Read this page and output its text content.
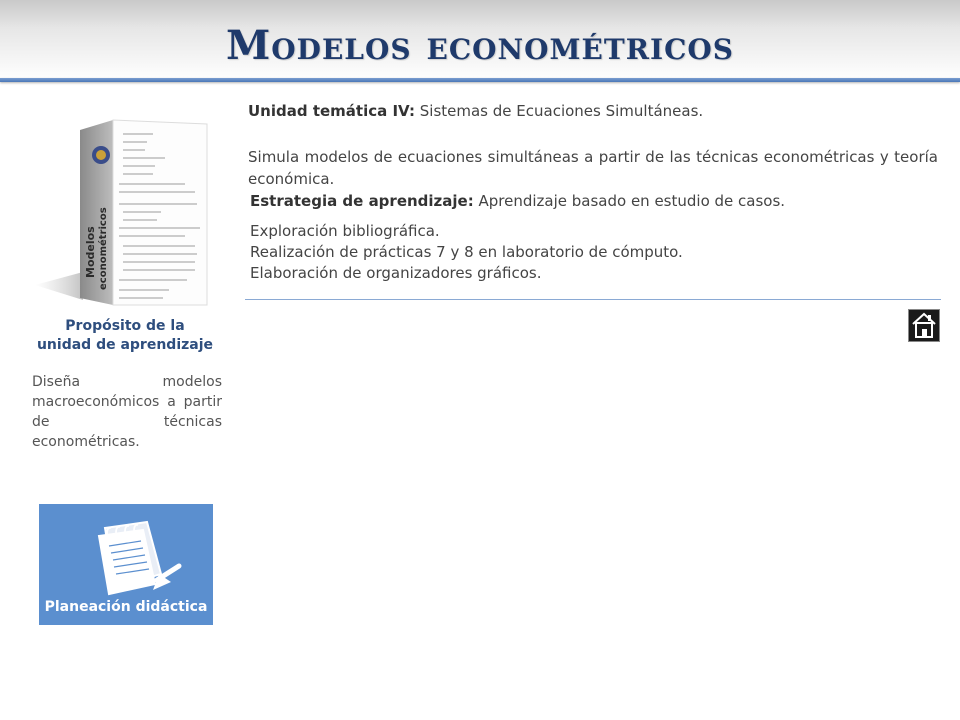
Modelos econométricos
Unidad temática IV: Sistemas de Ecuaciones Simultáneas.

Simula modelos de ecuaciones simultáneas a partir de las técnicas econométricas y teoría económica.

Estrategia de aprendizaje: Aprendizaje basado en estudio de casos.
Exploración bibliográfica.
Realización de prácticas 7 y 8 en laboratorio de cómputo.
Elaboración de organizadores gráficos.
Modelos econométricos
Propósito de la
unidad de aprendizaje
Diseña modelos macroeconómicos a partir de técnicas econométricas.
Planeación didáctica
